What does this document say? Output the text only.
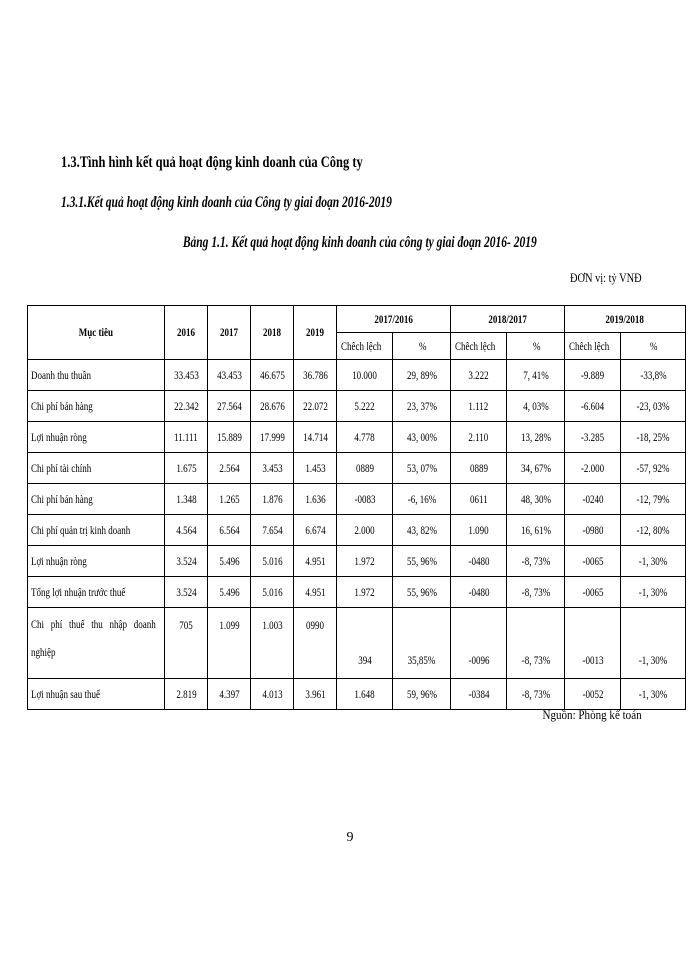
1.3.Tình hình kết quả hoạt động kinh doanh của Công ty
1.3.1.Kết quả hoạt động kinh doanh của Công ty giai đoạn 2016-2019
Bảng 1.1. Kết quả hoạt động kinh doanh của công ty giai đoạn 2016- 2019
ĐƠN vị: tỷ VNĐ
Mục tiêu	2016	2017	2018	2019	2017/2016		2018/2017		2019/2018	
					Chêch lệch	%	Chêch lệch	%	Chêch lệch	%
Doanh thu thuần	33.453	43.453	46.675	36.786	10.000	29, 89%	3.222	7, 41%	-9.889	-33,8%
Chi phí bán hàng	22.342	27.564	28.676	22.072	5.222	23, 37%	1.112	4, 03%	-6.604	-23, 03%
Lợi nhuận ròng	11.111	15.889	17.999	14.714	4.778	43, 00%	2.110	13, 28%	-3.285	-18, 25%
Chi phí tài chính	1.675	2.564	3.453	1.453	0889	53, 07%	0889	34, 67%	-2.000	-57, 92%
Chi phí bán hàng	1.348	1.265	1.876	1.636	-0083	-6, 16%	0611	48, 30%	-0240	-12, 79%
Chi phí quản trị kinh doanh	4.564	6.564	7.654	6.674	2.000	43, 82%	1.090	16, 61%	-0980	-12, 80%
Lợi nhuận ròng	3.524	5.496	5.016	4.951	1.972	55, 96%	-0480	-8, 73%	-0065	-1, 30%
Tổng lợi nhuận trước thuế	3.524	5.496	5.016	4.951	1.972	55, 96%	-0480	-8, 73%	-0065	-1, 30%
Chi phí thuế thu nhập doanh nghiệp	705	1.099	1.003	0990	394	35,85%	-0096	-8, 73%	-0013	-1, 30%
Lợi nhuận sau thuế	2.819	4.397	4.013	3.961	1.648	59, 96%	-0384	-8, 73%	-0052	-1, 30%
Nguồn: Phòng kế toán
9
